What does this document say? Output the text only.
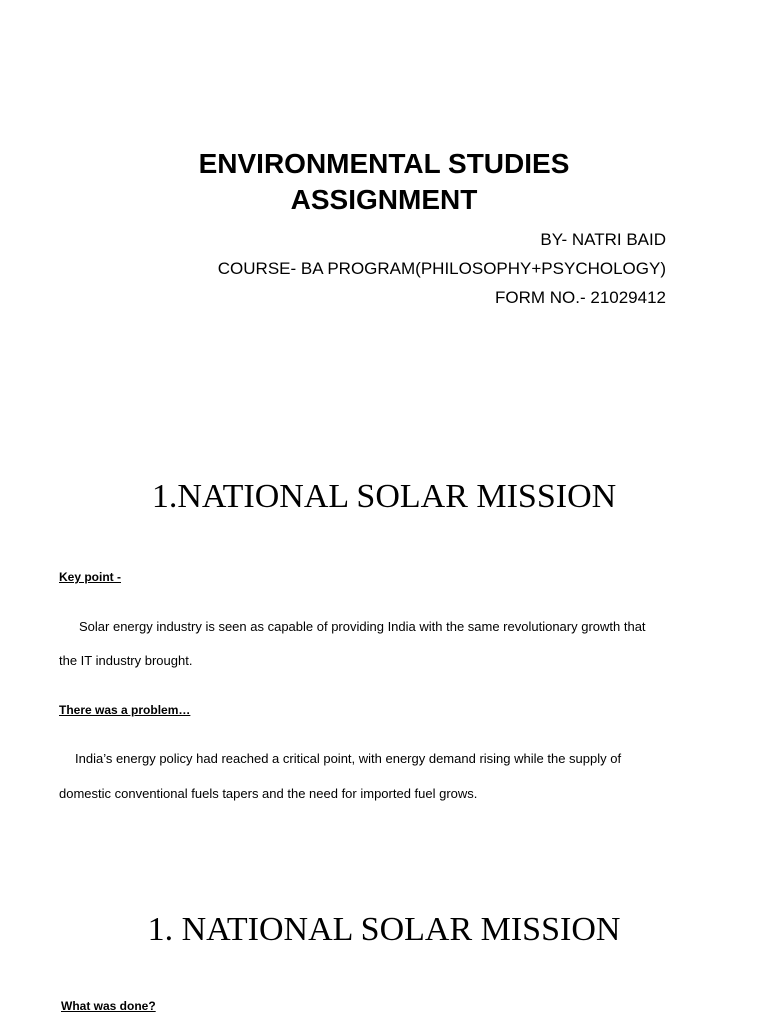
ENVIRONMENTAL STUDIES
ASSIGNMENT
BY- NATRI BAID
COURSE- BA PROGRAM(PHILOSOPHY+PSYCHOLOGY)
FORM NO.- 21029412
1.NATIONAL SOLAR MISSION
Key point -
Solar energy industry is seen as capable of providing India with the same revolutionary growth that
the IT industry brought.
There was a problem…
India’s energy policy had reached a critical point, with energy demand rising while the supply of
domestic conventional fuels tapers and the need for imported fuel grows.
1. NATIONAL SOLAR MISSION
What was done?
